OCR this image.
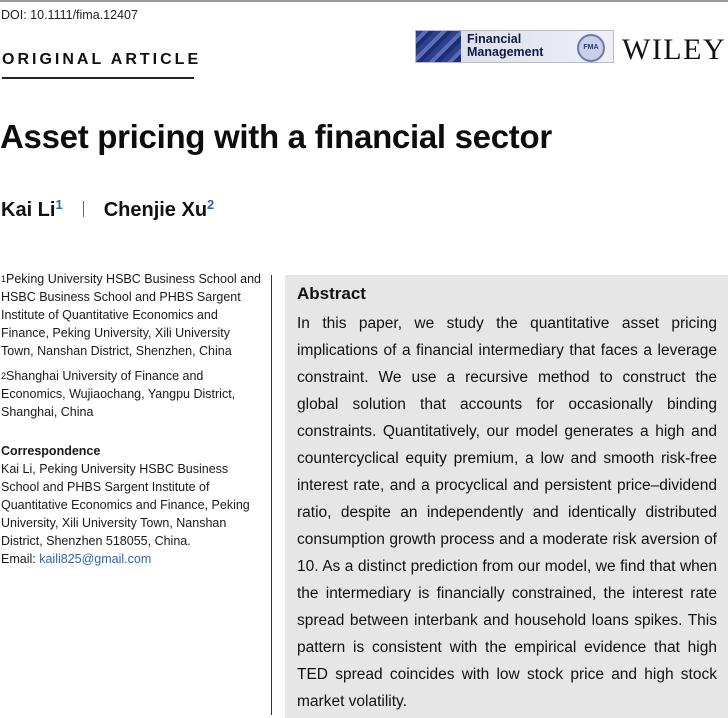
DOI: 10.1111/fima.12407
ORIGINAL ARTICLE
Financial
Management	FMA WILEY
Asset pricing with a financial sector
Kai Li$^1$ Chenjie Xu$^2$
$^1$Peking University HSBC Business School and HSBC Business School and PHBS Sargent Institute of Quantitative Economics and Finance, Peking University, Xili University Town, Nanshan District, Shenzhen, China
$^2$Shanghai University of Finance and Economics, Wujiaochang, Yangpu District, Shanghai, China
Correspondence
Kai Li, Peking University HSBC Business School and PHBS Sargent Institute of Quantitative Economics and Finance, Peking University, Xili University Town, Nanshan District, Shenzhen 518055, China.
Email: kaili825@gmail.com
Abstract
In this paper, we study the quantitative asset pricing implications of a financial intermediary that faces a leverage constraint. We use a recursive method to construct the global solution that accounts for occasionally binding constraints. Quantitatively, our model generates a high and countercyclical equity premium, a low and smooth risk-free interest rate, and a procyclical and persistent price–dividend ratio, despite an independently and identically distributed consumption growth process and a moderate risk aversion of 10. As a distinct prediction from our model, we find that when the intermediary is financially constrained, the interest rate spread between interbank and household loans spikes. This pattern is consistent with the empirical evidence that high TED spread coincides with low stock price and high stock market volatility.
